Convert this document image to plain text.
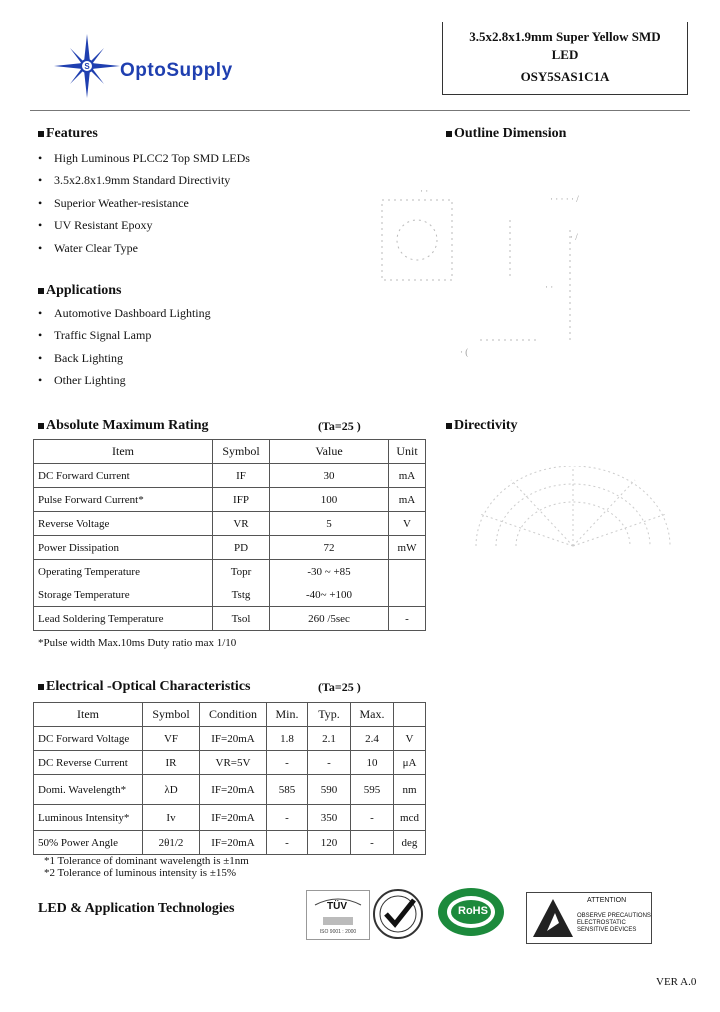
S OptoSupply
3.5x2.8x1.9mm Super Yellow SMD
LED
OSY5SAS1C1A
Features
• High Luminous PLCC2 Top SMD LEDs
• 3.5x2.8x1.9mm Standard Directivity
• Superior Weather-resistance
• UV Resistant Epoxy
• Water Clear Type
Applications
• Automotive Dashboard Lighting
• Traffic Signal Lamp
• Back Lighting
• Other Lighting
Outline Dimension
· ·
· · · · · /
· /
· ·
· (
Directivity
Absolute Maximum Rating	(Ta=25 )
Item	Symbol	Value	Unit
DC Forward Current	IF	30	mA
Pulse Forward Current*	IFP	100	mA
Reverse Voltage	VR	5	V
Power Dissipation	PD	72	mW
Operating Temperature	Topr	-30 ~ +85	
Storage Temperature	Tstg	-40~ +100	
Lead Soldering Temperature	Tsol	260 /5sec	-
*Pulse width Max.10ms Duty ratio max 1/10
Electrical -Optical Characteristics	(Ta=25 )
Item	Symbol	Condition	Min.	Typ.	Max.	
DC Forward Voltage	VF	IF=20mA	1.8	2.1	2.4	V
DC Reverse Current	IR	VR=5V	-	-	10	μA
Domi. Wavelength*	λD	IF=20mA	585	590	595	nm
Luminous Intensity*	Iv	IF=20mA	-	350	-	mcd
50% Power Angle	2θ1/2	IF=20mA	-	120	-	deg
*1 Tolerance of dominant wavelength is ±1nm
*2 Tolerance of luminous intensity is ±15%
LED & Application Technologies
ISO 9001 : 2000
TÜV	RoHS
ATTENTION
OBSERVE PRECAUTIONS ELECTROSTATIC SENSITIVE DEVICES
VER A.0
